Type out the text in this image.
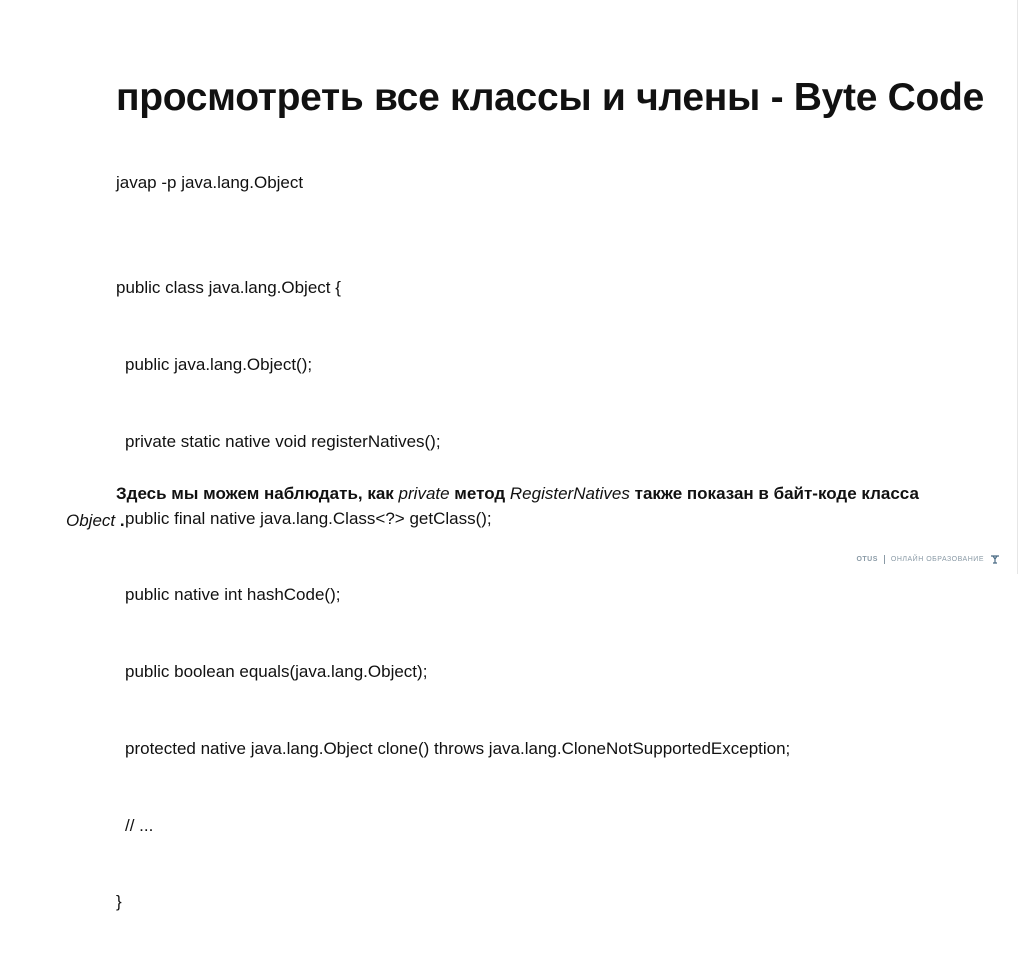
просмотреть все классы и члены - Byte Code
javap -p java.lang.Object

public class java.lang.Object {

public java.lang.Object();

private static native void registerNatives();

public final native java.lang.Class<?> getClass();

public native int hashCode();

public boolean equals(java.lang.Object);

protected native java.lang.Object clone() throws java.lang.CloneNotSupportedException;

// ...

}

Здесь мы можем наблюдать, как private метод RegisterNatives также показан в байт-коде класса Object .

OTUS ОНЛАЙН ОБРАЗОВАНИЕ
